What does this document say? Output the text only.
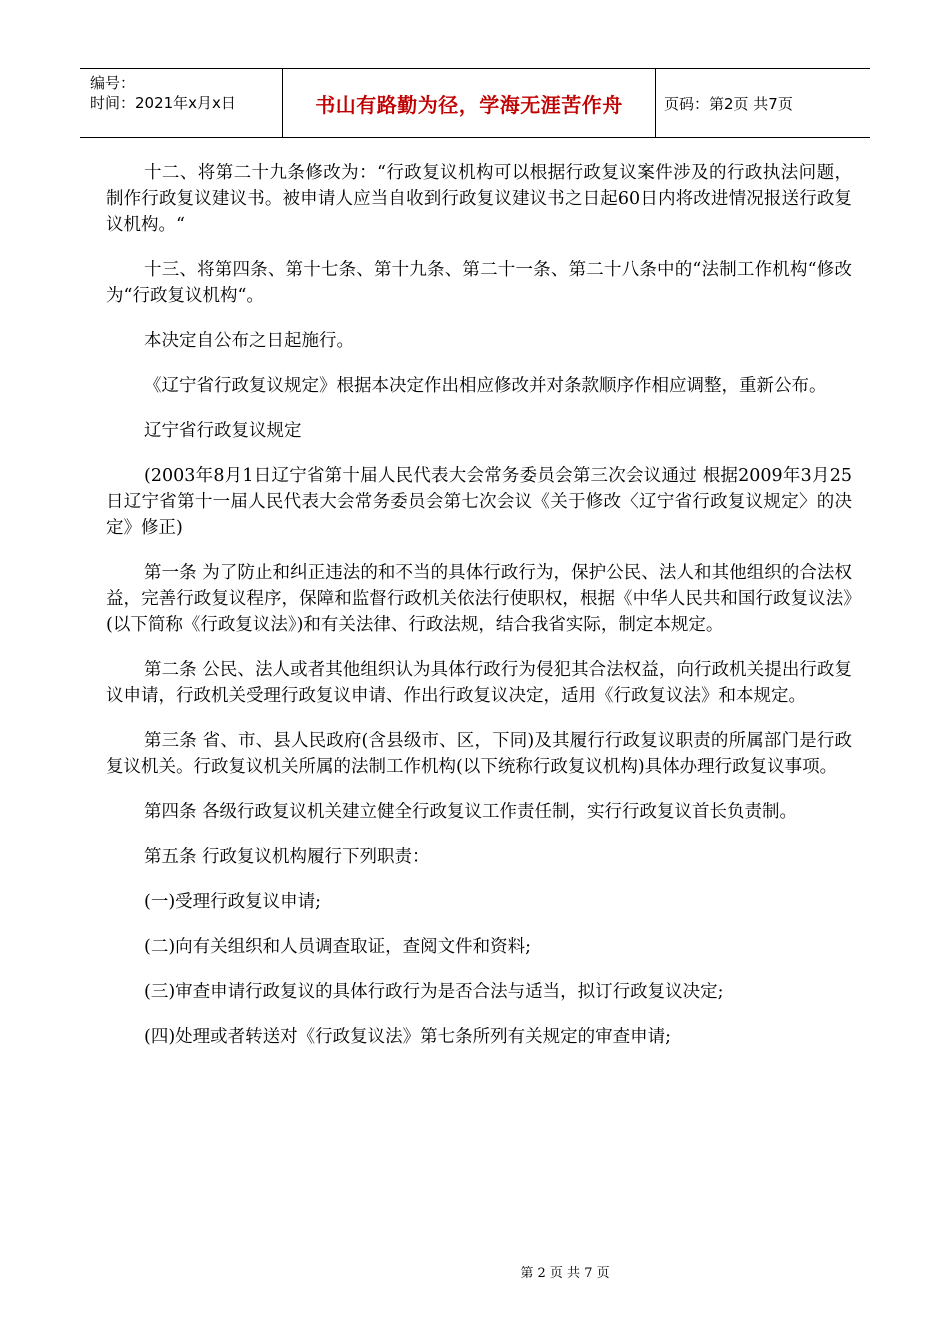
编号：
时间：2021年x月x日	书山有路勤为径，学海无涯苦作舟	页码：第2页 共7页

十二、将第二十九条修改为：“行政复议机构可以根据行政复议案件涉及的行政执法问题，制作行政复议建议书。被申请人应当自收到行政复议建议书之日起60日内将改进情况报送行政复议机构。“

十三、将第四条、第十七条、第十九条、第二十一条、第二十八条中的“法制工作机构“修改为“行政复议机构“。

本决定自公布之日起施行。

《辽宁省行政复议规定》根据本决定作出相应修改并对条款顺序作相应调整，重新公布。

辽宁省行政复议规定

(2003年8月1日辽宁省第十届人民代表大会常务委员会第三次会议通过 根据2009年3月25日辽宁省第十一届人民代表大会常务委员会第七次会议《关于修改〈辽宁省行政复议规定〉的决定》修正)

第一条 为了防止和纠正违法的和不当的具体行政行为，保护公民、法人和其他组织的合法权益，完善行政复议程序，保障和监督行政机关依法行使职权，根据《中华人民共和国行政复议法》(以下简称《行政复议法》)和有关法律、行政法规，结合我省实际，制定本规定。

第二条 公民、法人或者其他组织认为具体行政行为侵犯其合法权益，向行政机关提出行政复议申请，行政机关受理行政复议申请、作出行政复议决定，适用《行政复议法》和本规定。

第三条 省、市、县人民政府(含县级市、区，下同)及其履行行政复议职责的所属部门是行政复议机关。行政复议机关所属的法制工作机构(以下统称行政复议机构)具体办理行政复议事项。

第四条 各级行政复议机关建立健全行政复议工作责任制，实行行政复议首长负责制。

第五条 行政复议机构履行下列职责：

(一)受理行政复议申请;

(二)向有关组织和人员调查取证，查阅文件和资料;

(三)审查申请行政复议的具体行政行为是否合法与适当，拟订行政复议决定;

(四)处理或者转送对《行政复议法》第七条所列有关规定的审查申请;

第 2 页 共 7 页
